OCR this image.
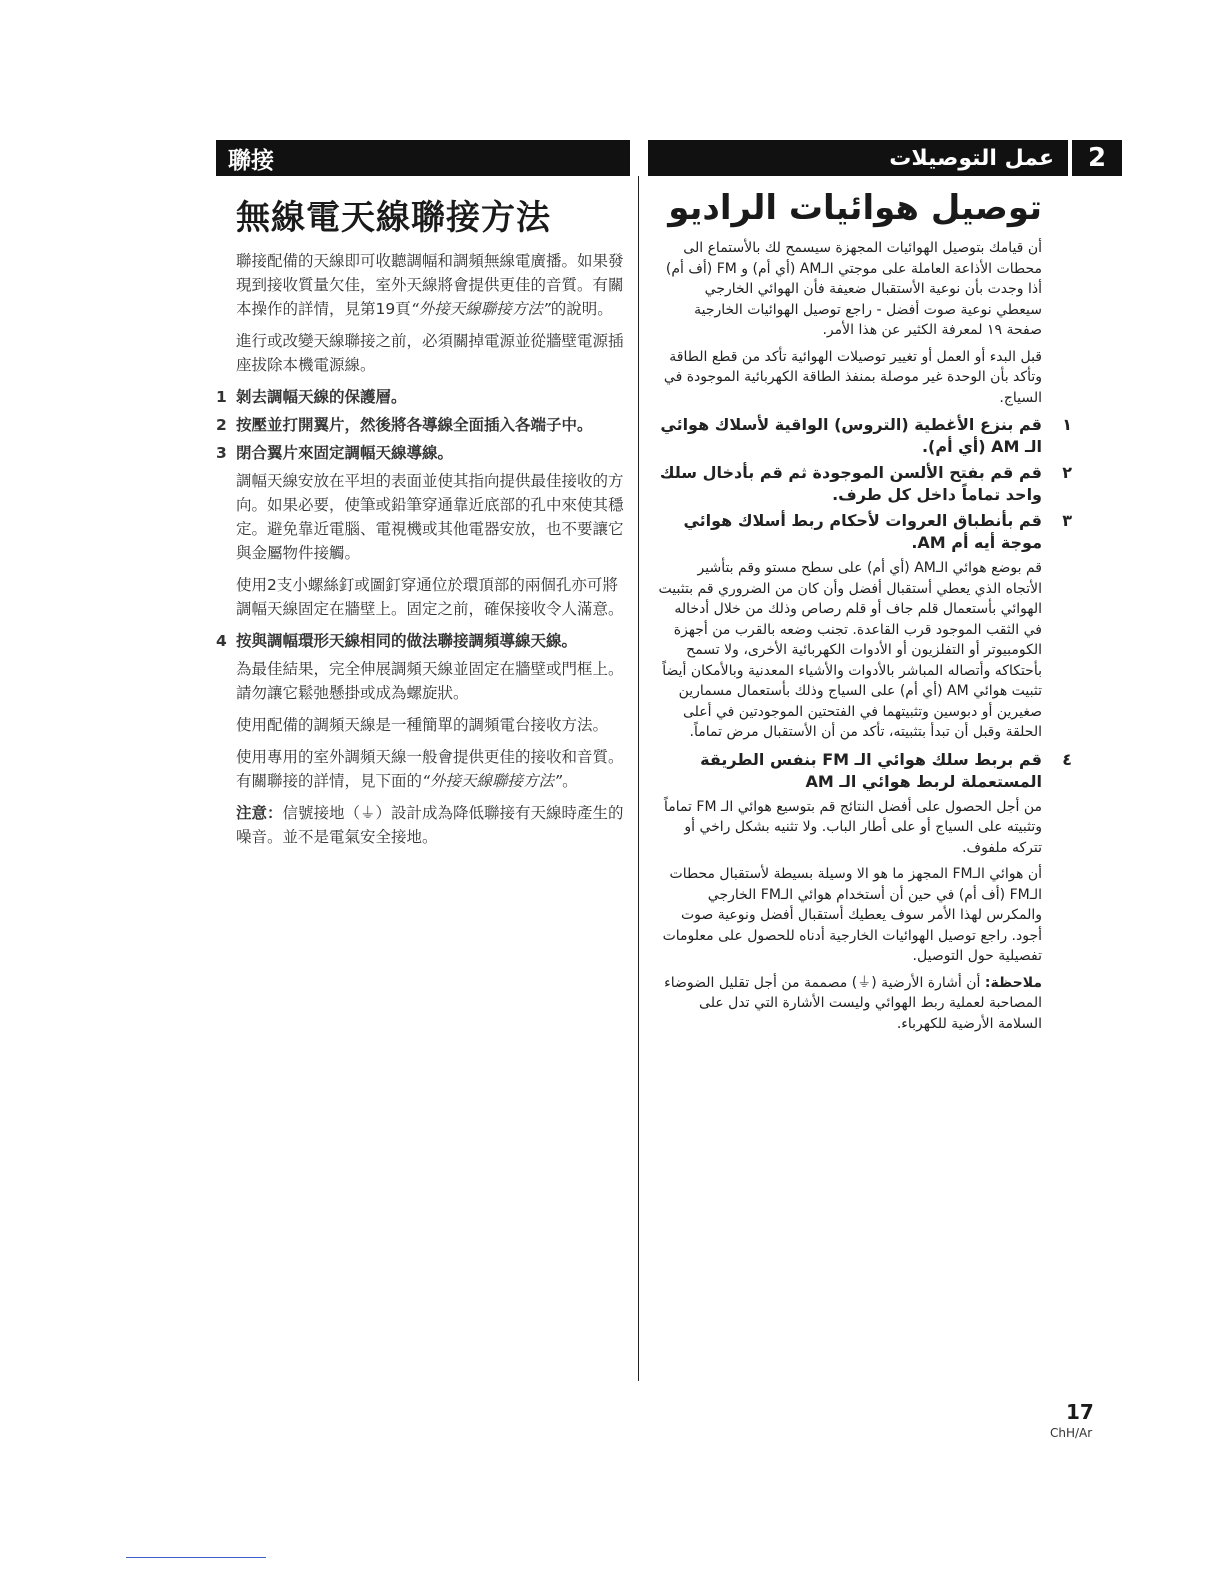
聯接
無線電天線聯接方法

聯接配備的天線即可收聽調幅和調頻無線電廣播。如果發現到接收質量欠佳，室外天線將會提供更佳的音質。有關本操作的詳情，見第19頁“外接天線聯接方法”的說明。

進行或改變天線聯接之前，必須關掉電源並從牆壁電源插座拔除本機電源線。

1 剝去調幅天線的保護層。
2 按壓並打開翼片，然後將各導線全面插入各端子中。
3 閉合翼片來固定調幅天線導線。

調幅天線安放在平坦的表面並使其指向提供最佳接收的方向。如果必要，使筆或鉛筆穿通靠近底部的孔中來使其穩定。避免靠近電腦、電視機或其他電器安放，也不要讓它與金屬物件接觸。

使用2支小螺絲釘或圖釘穿通位於環頂部的兩個孔亦可將調幅天線固定在牆壁上。固定之前，確保接收令人滿意。

4 按與調幅環形天線相同的做法聯接調頻導線天線。

為最佳結果，完全伸展調頻天線並固定在牆壁或門框上。請勿讓它鬆弛懸掛或成為螺旋狀。

使用配備的調頻天線是一種簡單的調頻電台接收方法。

使用專用的室外調頻天線一般會提供更佳的接收和音質。有關聯接的詳情，見下面的“外接天線聯接方法”。

注意：信號接地（⏚）設計成為降低聯接有天線時產生的噪音。並不是電氣安全接地。

عمل التوصيلات	2
توصيل هوائيات الراديو

أن قيامك بتوصيل الهوائيات المجهزة سيسمح لك بالأستماع الى محطات الأذاعة العاملة على موجتي الـAM (أي أم) و FM (أف أم) أذا وجدت بأن نوعية الأستقبال ضعيفة فأن الهوائي الخارجي سيعطي نوعية صوت أفضل - راجع توصيل الهوائيات الخارجية صفحة ١٩ لمعرفة الكثير عن هذا الأمر.

قبل البدء أو العمل أو تغيير توصيلات الهوائية تأكد من قطع الطاقة وتأكد بأن الوحدة غير موصلة بمنفذ الطاقة الكهربائية الموجودة في السياج.

١
قم بنزع الأغطية (التروس) الواقية لأسلاك هوائي الـ AM (أي أم).
٢
قم قم بفتح الألسن الموجودة ثم قم بأدخال سلك واحد تماماً داخل كل طرف.
٣
قم بأنطباق العروات لأحكام ربط أسلاك هوائي موجة أيه أم AM.

قم بوضع هوائي الـAM (أي أم) على سطح مستو وقم بتأشير الأتجاه الذي يعطي أستقبال أفضل وأن كان من الضروري قم بتثبيت الهوائي بأستعمال قلم جاف أو قلم رصاص وذلك من خلال أدخاله في الثقب الموجود قرب القاعدة. تجنب وضعه بالقرب من أجهزة الكومبيوتر أو التفلزيون أو الأدوات الكهربائية الأخرى، ولا تسمح بأحتكاكه وأتصاله المباشر بالأدوات والأشياء المعدنية وبالأمكان أيضاً تثبيت هوائي AM (أي أم) على السياج وذلك بأستعمال مسمارين صغيرين أو دبوسين وتثبيتهما في الفتحتين الموجودتين في أعلى الحلقة وقبل أن تبدأ بتثبيته، تأكد من أن الأستقبال مرض تماماً.

٤
قم بربط سلك هوائي الـ FM بنفس الطريقة المستعملة لربط هوائي الـ AM

من أجل الحصول على أفضل النتائج قم بتوسيع هوائي الـ FM تماماً وتثبيته على السياج أو على أطار الباب. ولا تثنيه بشكل راخي أو تتركه ملفوف.

أن هوائي الـFM المجهز ما هو الا وسيلة بسيطة لأستقبال محطات الـFM (أف أم) في حين أن أستخدام هوائي الـFM الخارجي والمكرس لهذا الأمر سوف يعطيك أستقبال أفضل ونوعية صوت أجود. راجع توصيل الهوائيات الخارجية أدناه للحصول على معلومات تفصيلية حول التوصيل.

ملاحظة: أن أشارة الأرضية (⏚) مصممة من أجل تقليل الضوضاء المصاحبة لعملية ربط الهوائي وليست الأشارة التي تدل على السلامة الأرضية للكهرباء.

17
ChH/Ar
